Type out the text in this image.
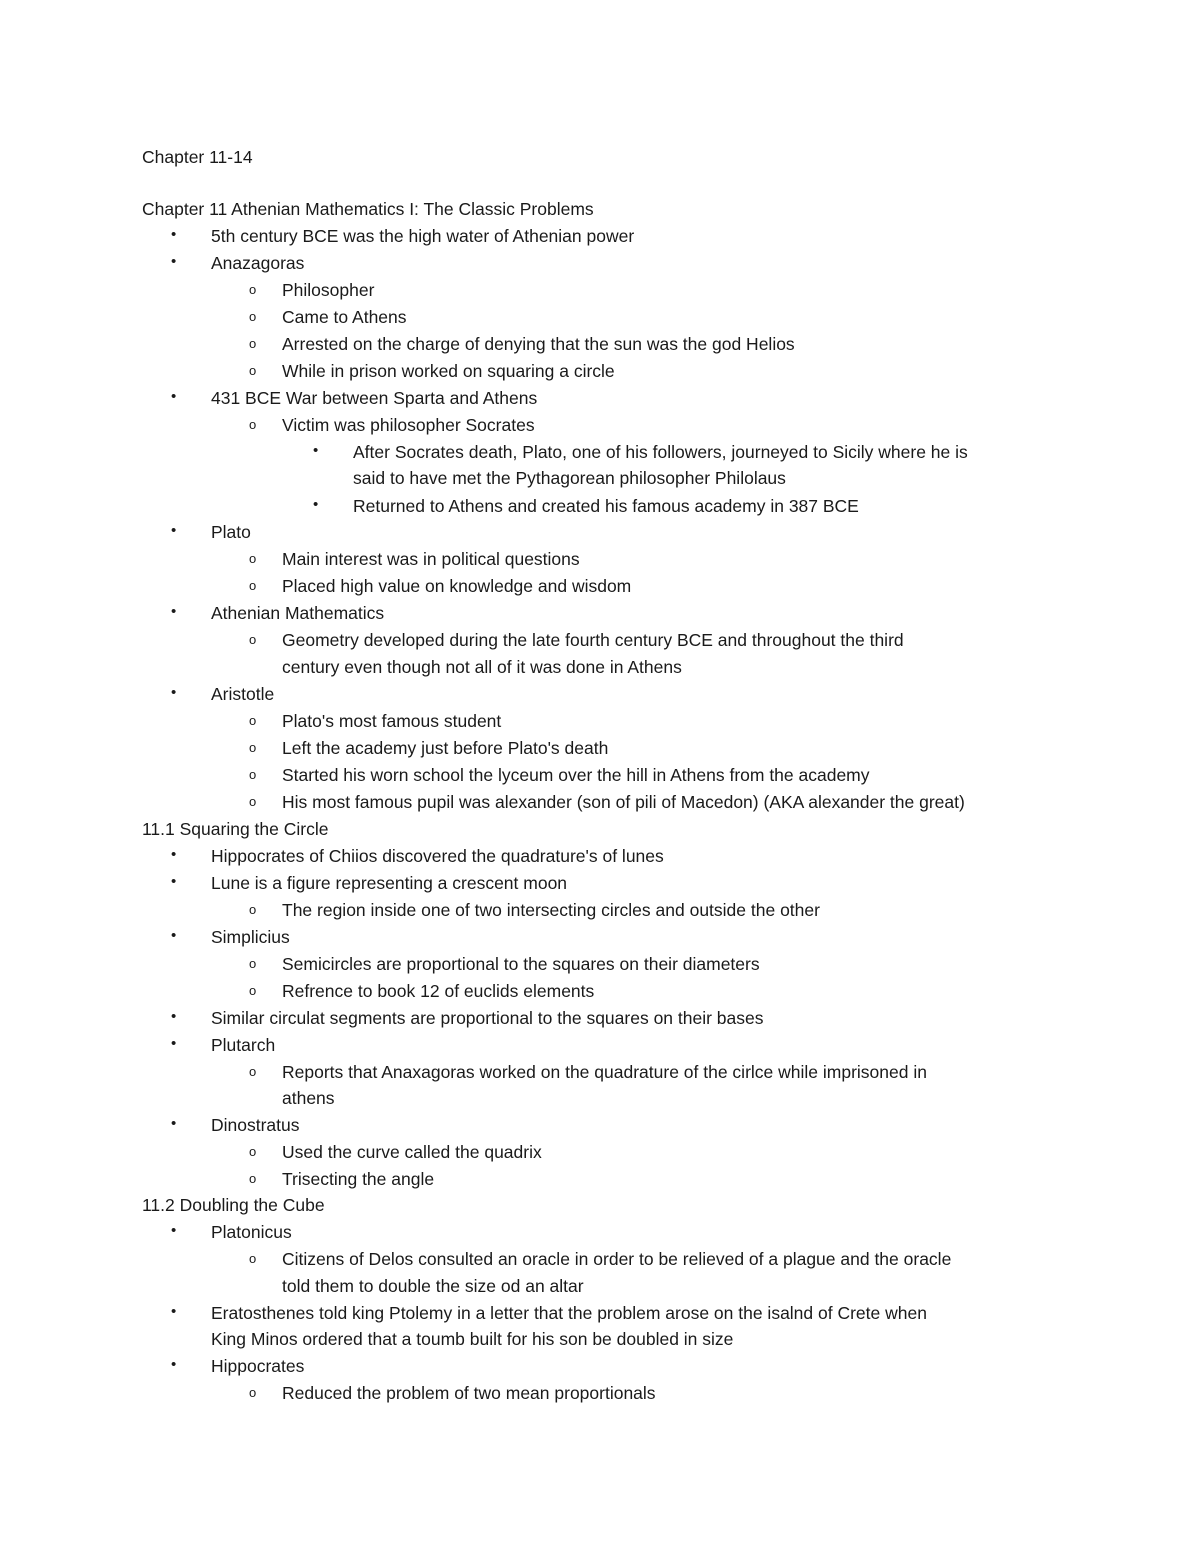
Chapter 11-14
Chapter 11 Athenian Mathematics I: The Classic Problems
• 5th century BCE was the high water of Athenian power
• Anazagoras
o Philosopher
o Came to Athens
o Arrested on the charge of denying that the sun was the god Helios
o While in prison worked on squaring a circle
• 431 BCE War between Sparta and Athens
o Victim was philosopher Socrates
• After Socrates death, Plato, one of his followers, journeyed to Sicily where he is
said to have met the Pythagorean philosopher Philolaus
• Returned to Athens and created his famous academy in 387 BCE
• Plato
o Main interest was in political questions
o Placed high value on knowledge and wisdom
• Athenian Mathematics
o Geometry developed during the late fourth century BCE and throughout the third
century even though not all of it was done in Athens
• Aristotle
o Plato's most famous student
o Left the academy just before Plato's death
o Started his worn school the lyceum over the hill in Athens from the academy
o His most famous pupil was alexander (son of pili of Macedon) (AKA alexander the great)
11.1 Squaring the Circle
• Hippocrates of Chiios discovered the quadrature's of lunes
• Lune is a figure representing a crescent moon
o The region inside one of two intersecting circles and outside the other
• Simplicius
o Semicircles are proportional to the squares on their diameters
o Refrence to book 12 of euclids elements
• Similar circulat segments are proportional to the squares on their bases
• Plutarch
o Reports that Anaxagoras worked on the quadrature of the cirlce while imprisoned in
athens
• Dinostratus
o Used the curve called the quadrix
o Trisecting the angle
11.2 Doubling the Cube
• Platonicus
o Citizens of Delos consulted an oracle in order to be relieved of a plague and the oracle
told them to double the size od an altar
• Eratosthenes told king Ptolemy in a letter that the problem arose on the isalnd of Crete when
King Minos ordered that a toumb built for his son be doubled in size
• Hippocrates
o Reduced the problem of two mean proportionals
